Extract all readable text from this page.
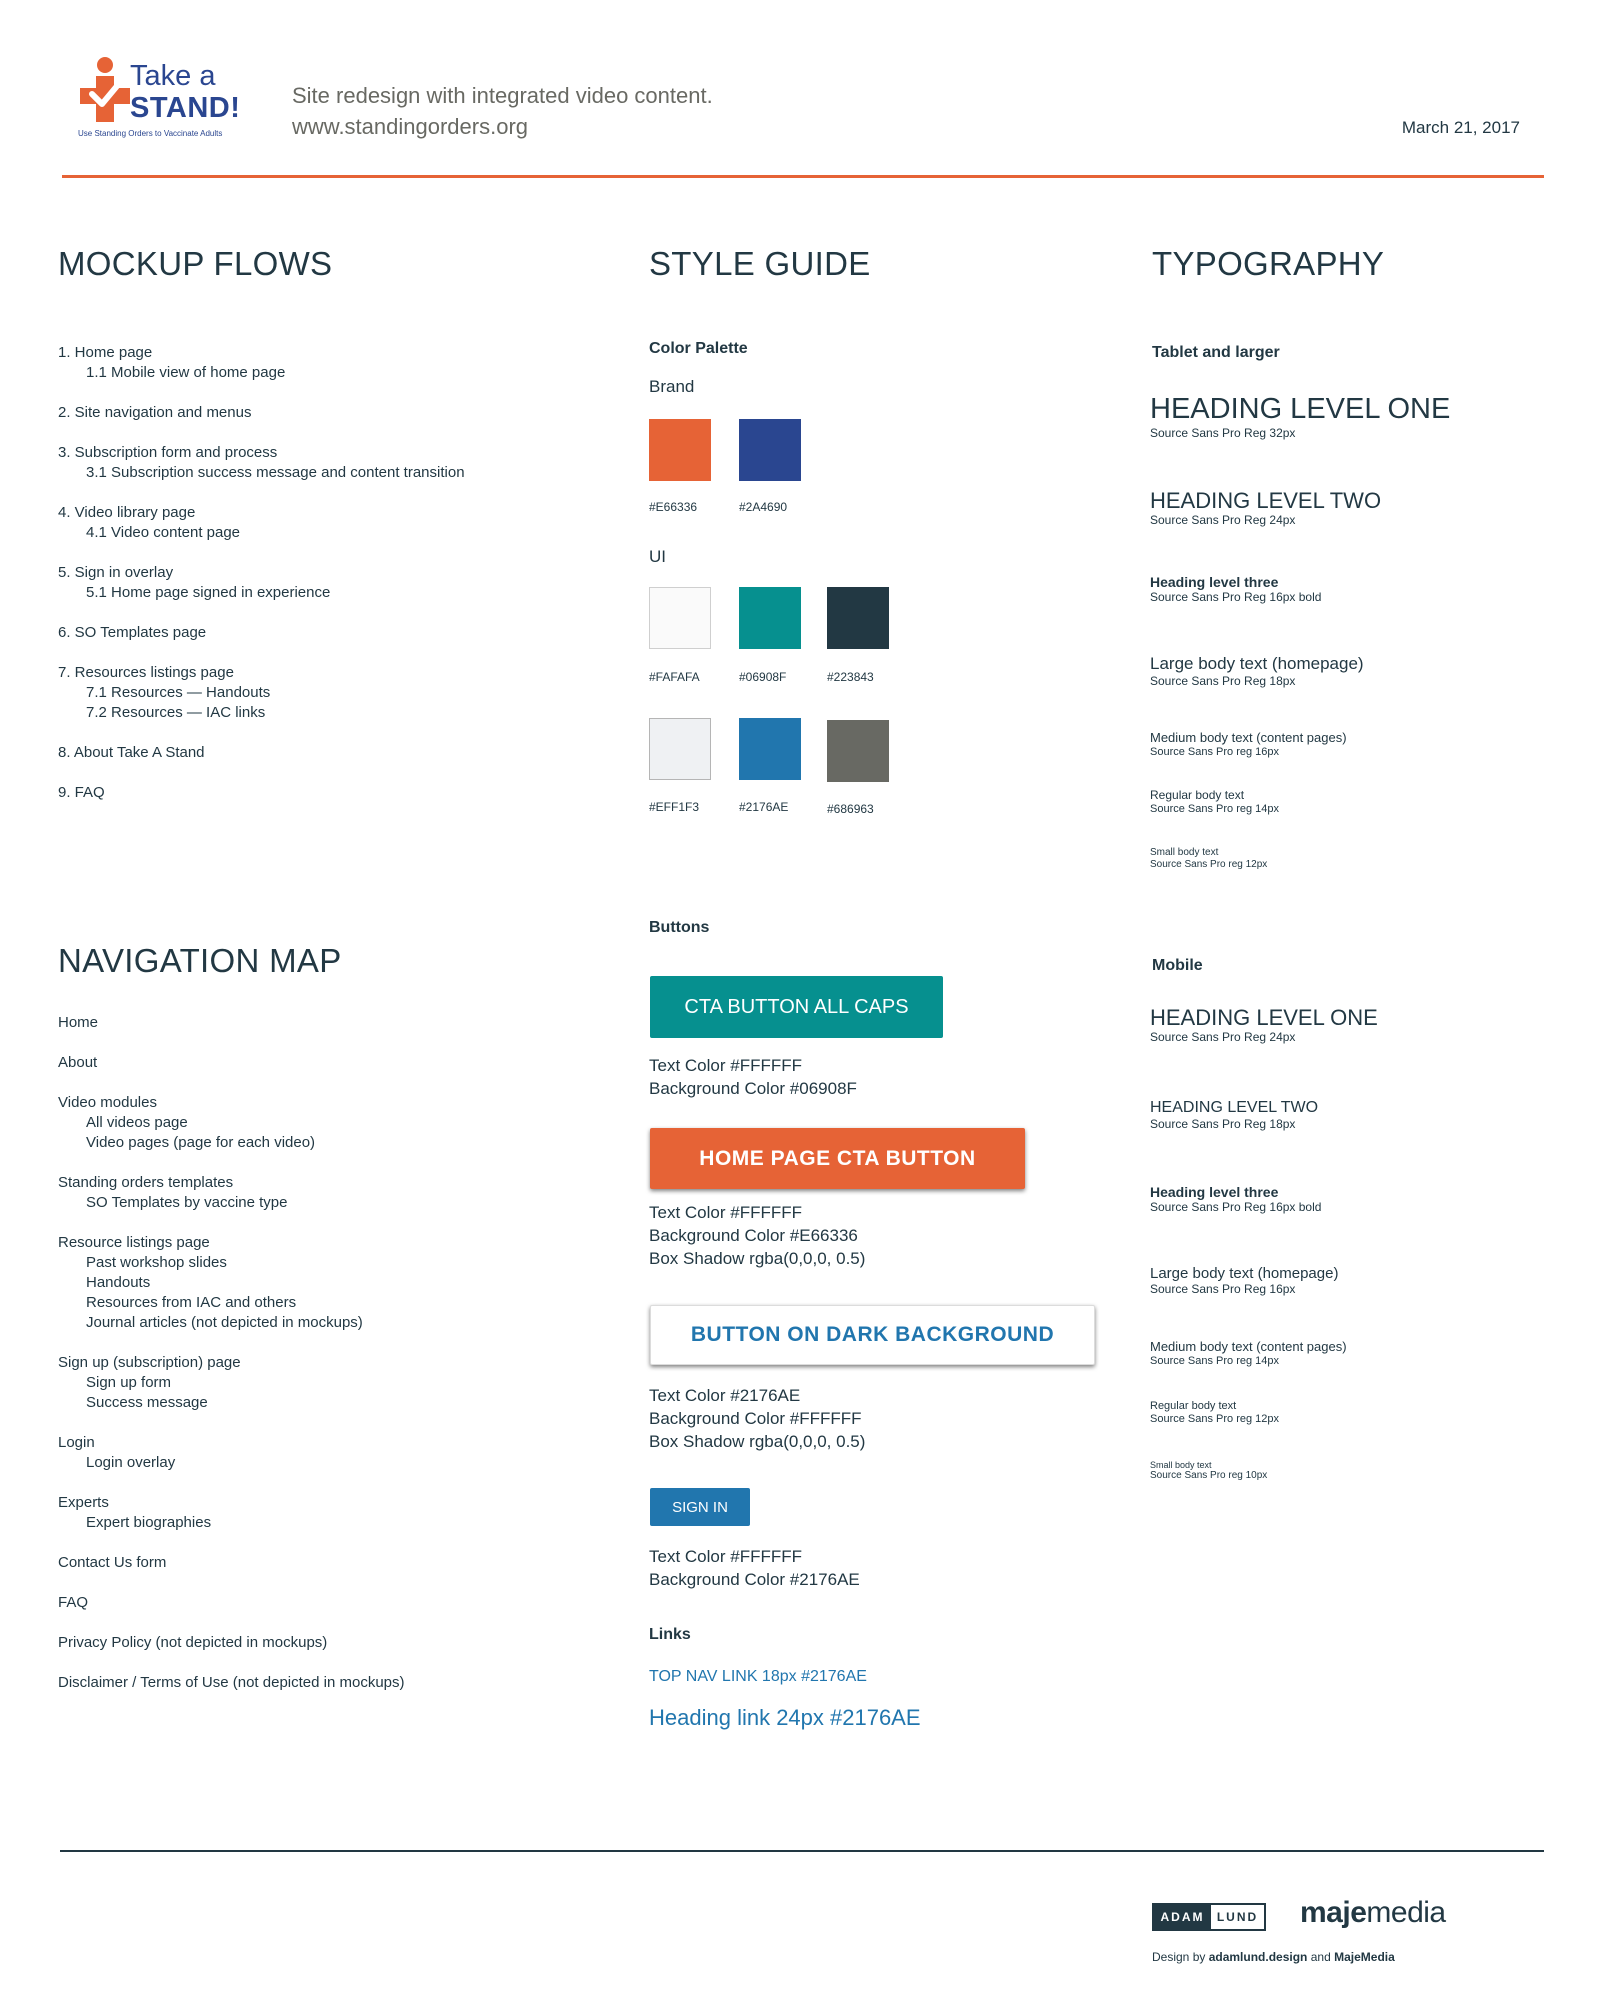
Take a
STAND!
Use Standing Orders to Vaccinate Adults
Site redesign with integrated video content.
www.standingorders.org	March 21, 2017
MOCKUP FLOWS
1. Home page
1.1 Mobile view of home page
2. Site navigation and menus
3. Subscription form and process
3.1 Subscription success message and content transition
4. Video library page
4.1 Video content page
5. Sign in overlay
5.1 Home page signed in experience
6. SO Templates page
7. Resources listings page
7.1 Resources — Handouts
7.2 Resources — IAC links
8. About Take A Stand
9. FAQ
NAVIGATION MAP
Home
About
Video modules
All videos page
Video pages (page for each video)
Standing orders templates
SO Templates by vaccine type
Resource listings page
Past workshop slides
Handouts
Resources from IAC and others
Journal articles (not depicted in mockups)
Sign up (subscription) page
Sign up form
Success message
Login
Login overlay
Experts
Expert biographies
Contact Us form
FAQ
Privacy Policy (not depicted in mockups)
Disclaimer / Terms of Use (not depicted in mockups)
STYLE GUIDE
Color Palette
Brand
#E66336	#2A4690
UI
#FAFAFA	#06908F	#223843
#EFF1F3	#2176AE	#686963
Buttons
CTA BUTTON ALL CAPS
Text Color #FFFFFF
Background Color #06908F
HOME PAGE CTA BUTTON
Text Color #FFFFFF
Background Color #E66336
Box Shadow rgba(0,0,0, 0.5)
BUTTON ON DARK BACKGROUND
Text Color #2176AE
Background Color #FFFFFF
Box Shadow rgba(0,0,0, 0.5)
SIGN IN
Text Color #FFFFFF
Background Color #2176AE
Links
TOP NAV LINK 18px #2176AE
Heading link 24px #2176AE
TYPOGRAPHY
Tablet and larger
HEADING LEVEL ONE
Source Sans Pro Reg 32px
HEADING LEVEL TWO
Source Sans Pro Reg 24px
Heading level three
Source Sans Pro Reg 16px bold
Large body text (homepage)
Source Sans Pro Reg 18px
Medium body text (content pages)
Source Sans Pro reg 16px
Regular body text
Source Sans Pro reg 14px
Small body text
Source Sans Pro reg 12px
Mobile
HEADING LEVEL ONE
Source Sans Pro Reg 24px
HEADING LEVEL TWO
Source Sans Pro Reg 18px
Heading level three
Source Sans Pro Reg 16px bold
Large body text (homepage)
Source Sans Pro Reg 16px
Medium body text (content pages)
Source Sans Pro reg 14px
Regular body text
Source Sans Pro reg 12px
Small body text
Source Sans Pro reg 10px
ADAM	LUND majemedia
Design by adamlund.design and MajeMedia
